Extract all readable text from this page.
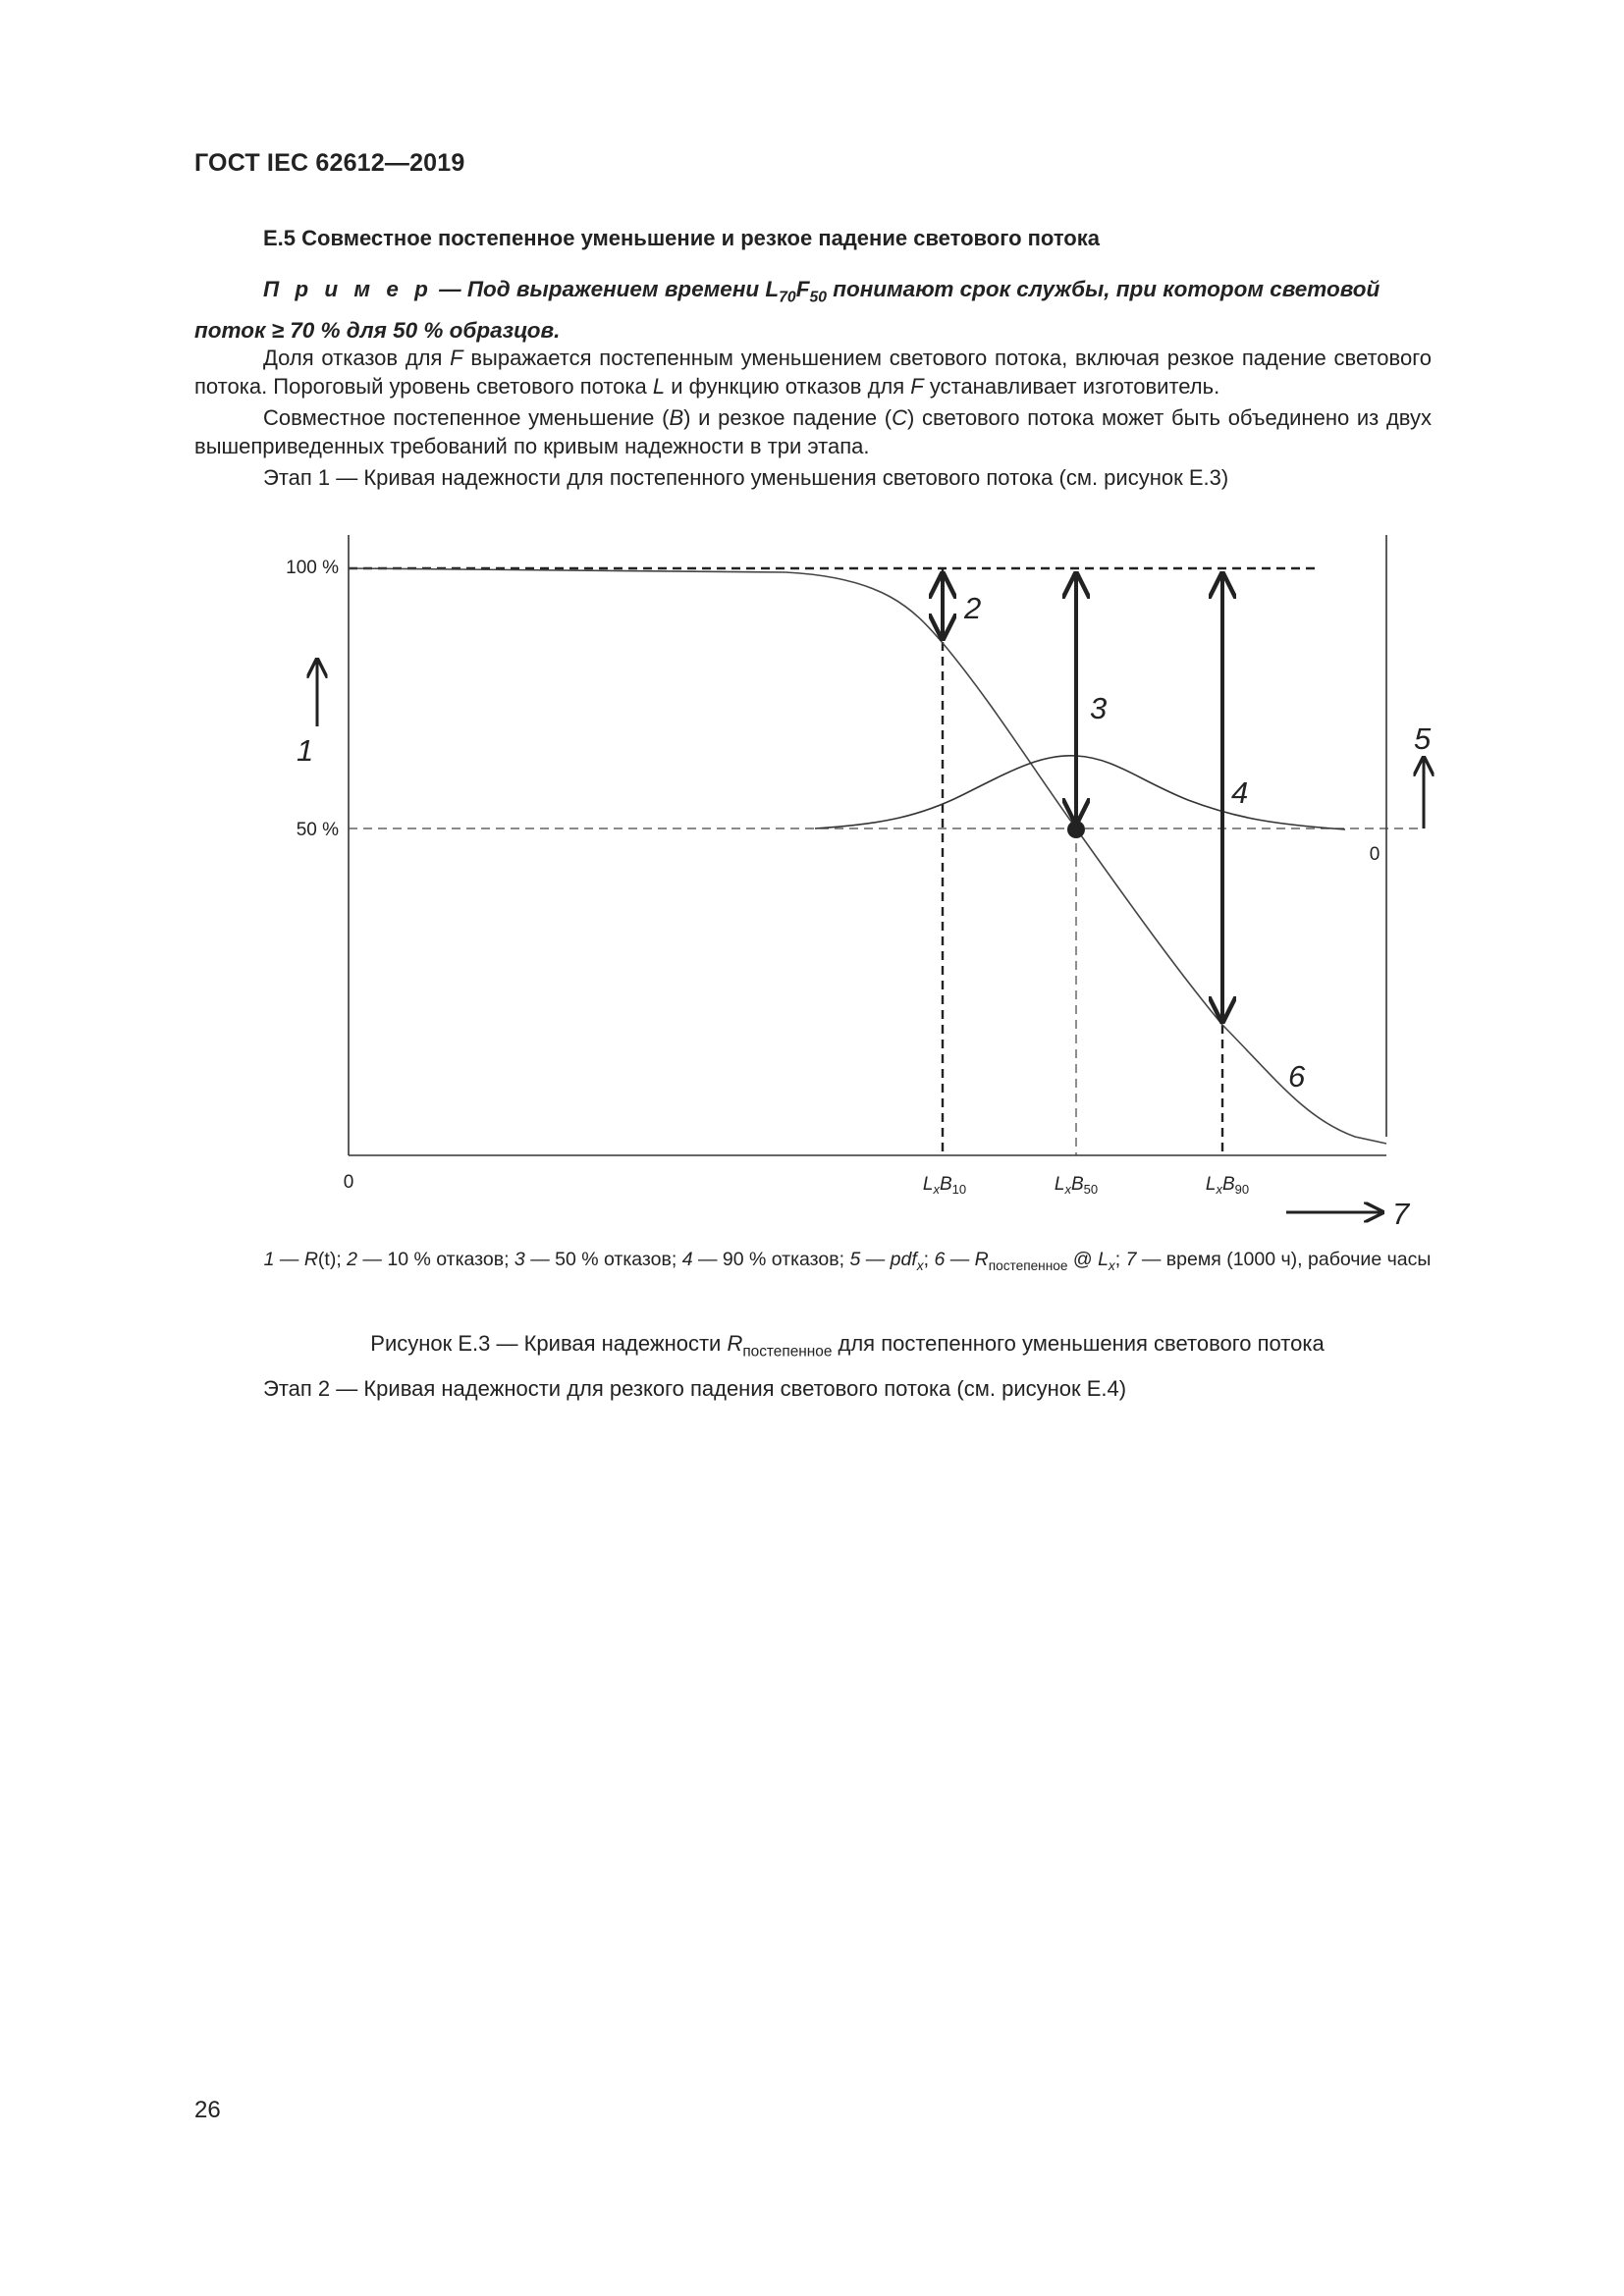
ГОСТ IEC 62612—2019
Е.5 Совместное постепенное уменьшение и резкое падение светового потока
П р и м е р — Под выражением времени $L_{70}F_{50}$ понимают срок службы, при котором световой поток ≥ 70 % для 50 % образцов.
Доля отказов для F выражается постепенным уменьшением светового потока, включая резкое падение светового потока. Пороговый уровень светового потока L и функцию отказов для F устанавливает изготовитель.
Совместное постепенное уменьшение (B) и резкое падение (C) светового потока может быть объединено из двух вышеприведенных требований по кривым надежности в три этапа.
Этап 1 — Кривая надежности для постепенного уменьшения светового потока (см. рисунок Е.3)
100 %
50 %
0
0
$L_xB_{10}$	$L_xB_{50}$	$L_xB_{90}$
1
2
3
4
5
6
7
1 — R(t); 2 — 10 % отказов; 3 — 50 % отказов; 4 — 90 % отказов; 5 — pdf$_x$; 6 — $R_{постепенное}$ @ $L_x$; 7 — время (1000 ч), рабочие часы
Рисунок Е.3 — Кривая надежности $R_{постепенное}$ для постепенного уменьшения светового потока
Этап 2 — Кривая надежности для резкого падения светового потока (см. рисунок Е.4)
26
